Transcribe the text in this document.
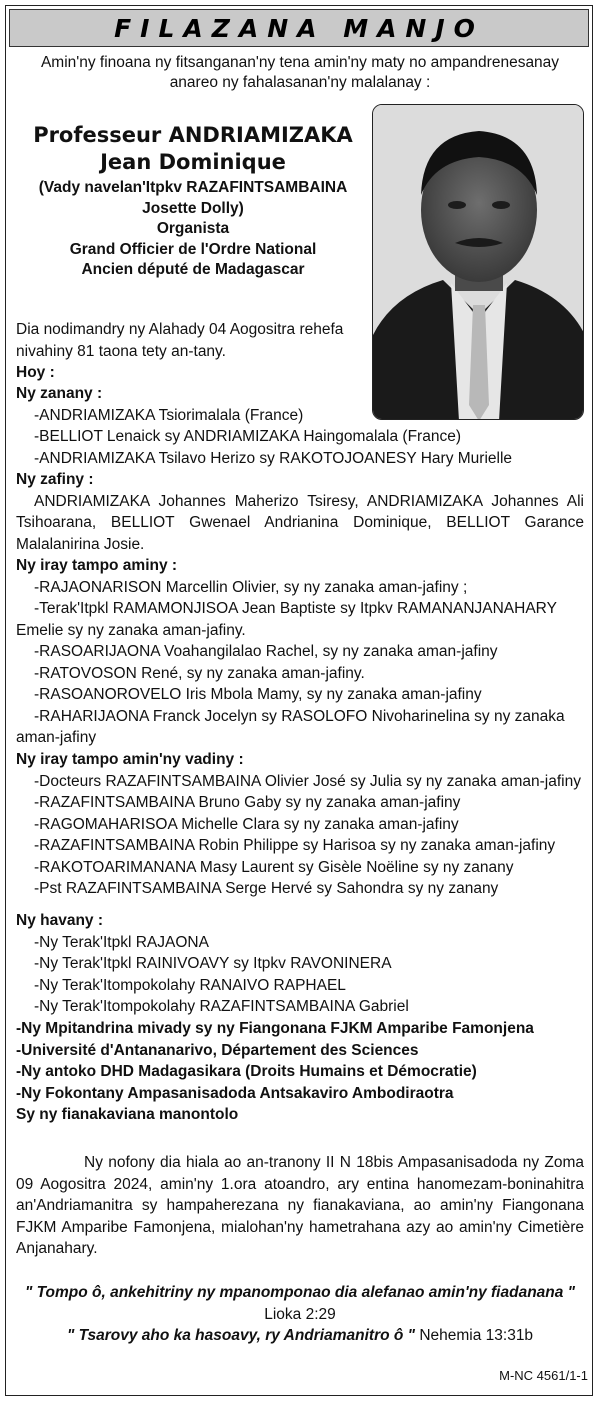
FILAZANA MANJO
Amin'ny finoana ny fitsanganan'ny tena amin'ny maty no ampandrenesanay anareo ny fahalasanan'ny malalanay :
Professeur ANDRIAMIZAKA
Jean Dominique
(Vady navelan'Itpkv RAZAFINTSAMBAINA Josette Dolly)
Organista
Grand Officier de l'Ordre National
Ancien député de Madagascar
Dia nodimandry ny Alahady 04 Aogositra rehefa nivahiny 81 taona tety an-tany.
Hoy :
Ny zanany :
-ANDRIAMIZAKA Tsiorimalala (France)
-BELLIOT Lenaick sy ANDRIAMIZAKA Haingomalala (France)
-ANDRIAMIZAKA Tsilavo Herizo sy RAKOTOJOANESY Hary Murielle
Ny zafiny :
ANDRIAMIZAKA Johannes Maherizo Tsiresy, ANDRIAMIZAKA Johannes Ali Tsihoarana, BELLIOT Gwenael Andrianina Dominique, BELLIOT Garance Malalanirina Josie.
Ny iray tampo aminy :
-RAJAONARISON Marcellin Olivier, sy ny zanaka aman-jafiny ;
-Terak'Itpkl RAMAMONJISOA Jean Baptiste sy Itpkv RAMANANJANAHARY Emelie sy ny zanaka aman-jafiny.
-RASOARIJAONA Voahangilalao Rachel, sy ny zanaka aman-jafiny
-RATOVOSON René, sy ny zanaka aman-jafiny.
-RASOANOROVELO Iris Mbola Mamy, sy ny zanaka aman-jafiny
-RAHARIJAONA Franck Jocelyn sy RASOLOFO Nivoharinelina sy ny zanaka aman-jafiny
Ny iray tampo amin'ny vadiny :
-Docteurs RAZAFINTSAMBAINA Olivier José sy Julia sy ny zanaka aman-jafiny
-RAZAFINTSAMBAINA Bruno Gaby sy ny zanaka aman-jafiny
-RAGOMAHARISOA Michelle Clara sy ny zanaka aman-jafiny
-RAZAFINTSAMBAINA Robin Philippe sy Harisoa sy ny zanaka aman-jafiny
-RAKOTOARIMANANA Masy Laurent sy Gisèle Noëline sy ny zanany
-Pst RAZAFINTSAMBAINA Serge Hervé sy Sahondra sy ny zanany
Ny havany :
-Ny Terak'Itpkl RAJAONA
-Ny Terak'Itpkl RAINIVOAVY sy Itpkv RAVONINERA
-Ny Terak'Itompokolahy RANAIVO RAPHAEL
-Ny Terak'Itompokolahy RAZAFINTSAMBAINA Gabriel
-Ny Mpitandrina mivady sy ny Fiangonana FJKM Amparibe Famonjena
-Université d'Antananarivo, Département des Sciences
-Ny antoko DHD Madagasikara (Droits Humains et Démocratie)
-Ny Fokontany Ampasanisadoda Antsakaviro Ambodiraotra
Sy ny fianakaviana manontolo
Ny nofony dia hiala ao an-tranony II N 18bis Ampasanisadoda ny Zoma 09 Aogositra 2024, amin'ny 1.ora atoandro, ary entina hanomezam-boninahitra an'Andriamanitra sy hampaherezana ny fianakaviana, ao amin'ny Fiangonana FJKM Amparibe Famonjena, mialohan'ny hametrahana azy ao amin'ny Cimetière Anjanahary.
" Tompo ô, ankehitriny ny mpanomponao dia alefanao amin'ny fiadanana "
Lioka 2:29
" Tsarovy aho ka hasoavy, ry Andriamanitro ô " Nehemia 13:31b
M-NC 4561/1-1
